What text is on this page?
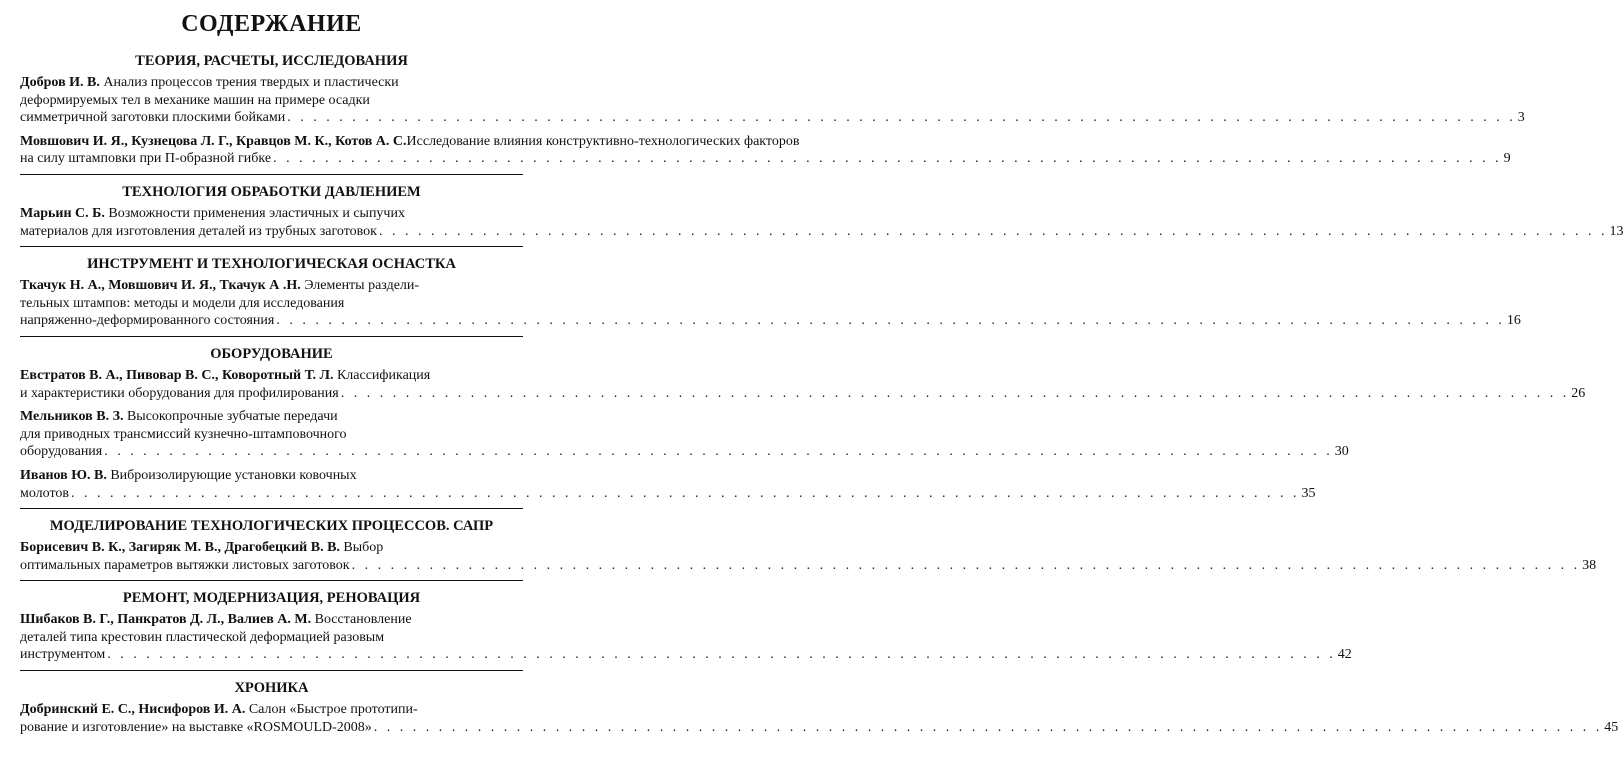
СОДЕРЖАНИЕ
ТЕОРИЯ, РАСЧЕТЫ, ИССЛЕДОВАНИЯ
Добров И. В. Анализ процессов трения твердых и пластически
деформируемых тел в механике машин на примере осадки
симметричной заготовки плоскими бойками . . .	3
Мовшович И. Я., Кузнецова Л. Г., Кравцов М. К., Котов А. С.Исследование влияния конструктивно-технологических факторов
на силу штамповки при П-образной гибке . . .	9
ТЕХНОЛОГИЯ ОБРАБОТКИ ДАВЛЕНИЕМ
Марьин С. Б. Возможности применения эластичных и сыпучих
материалов для изготовления деталей из трубных заготовок . . .	13
ИНСТРУМЕНТ И ТЕХНОЛОГИЧЕСКАЯ ОСНАСТКА
Ткачук Н. А., Мовшович И. Я., Ткачук А .Н. Элементы раздели-
тельных штампов: методы и модели для исследования
напряженно-деформированного состояния . . .	16
ОБОРУДОВАНИЕ
Евстратов В. А., Пивовар В. С., Коворотный Т. Л. Классификация
и характеристики оборудования для профилирования . . .	26
Мельников В. З. Высокопрочные зубчатые передачи
для приводных трансмиссий кузнечно-штамповочного
оборудования . . .	30
Иванов Ю. В. Виброизолирующие установки ковочных
молотов . . .	35
МОДЕЛИРОВАНИЕ ТЕХНОЛОГИЧЕСКИХ ПРОЦЕССОВ. САПР
Борисевич В. К., Загиряк М. В., Драгобецкий В. В. Выбор
оптимальных параметров вытяжки листовых заготовок . . .	38
РЕМОНТ, МОДЕРНИЗАЦИЯ, РЕНОВАЦИЯ
Шибаков В. Г., Панкратов Д. Л., Валиев А. М. Восстановление
деталей типа крестовин пластической деформацией разовым
инструментом . . .	42
ХРОНИКА
Добринский Е. С., Нисифоров И. А. Салон «Быстрое прототипи-
рование и изготовление» на выставке «ROSMOULD-2008» . . .	45
